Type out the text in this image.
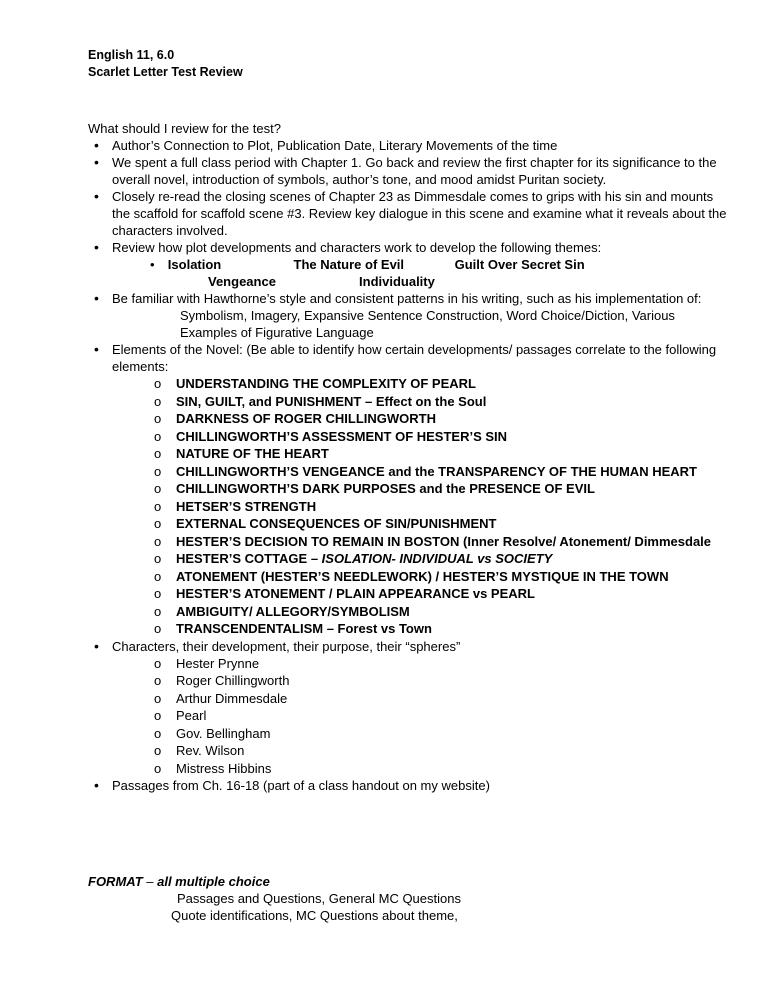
English 11, 6.0
Scarlet Letter Test Review
What should I review for the test?
• Author’s Connection to Plot, Publication Date, Literary Movements of the time
• We spent a full class period with Chapter 1. Go back and review the first chapter for its significance to the overall novel, introduction of symbols, author’s tone, and mood amidst Puritan society.
• Closely re-read the closing scenes of Chapter 23 as Dimmesdale comes to grips with his sin and mounts the scaffold for scaffold scene #3. Review key dialogue in this scene and examine what it reveals about the characters involved.
• Review how plot developments and characters work to develop the following themes:
• Isolation	The Nature of Evil	Guilt Over Secret Sin
Vengeance	Individuality
• Be familiar with Hawthorne’s style and consistent patterns in his writing, such as his implementation of:
Symbolism, Imagery, Expansive Sentence Construction, Word Choice/Diction, Various Examples of Figurative Language
• Elements of the Novel: (Be able to identify how certain developments/ passages correlate to the following elements:
o UNDERSTANDING THE COMPLEXITY OF PEARL
o SIN, GUILT, and PUNISHMENT – Effect on the Soul
o DARKNESS OF ROGER CHILLINGWORTH
o CHILLINGWORTH’S ASSESSMENT OF HESTER’S SIN
o NATURE OF THE HEART
o CHILLINGWORTH’S VENGEANCE and the TRANSPARENCY OF THE HUMAN HEART
o CHILLINGWORTH’S DARK PURPOSES and the PRESENCE OF EVIL
o HETSER’S STRENGTH
o EXTERNAL CONSEQUENCES OF SIN/PUNISHMENT
o HESTER’S DECISION TO REMAIN IN BOSTON (Inner Resolve/ Atonement/ Dimmesdale
o HESTER’S COTTAGE – ISOLATION- INDIVIDUAL vs SOCIETY
o ATONEMENT (HESTER’S NEEDLEWORK) / HESTER’S MYSTIQUE IN THE TOWN
o HESTER’S ATONEMENT / PLAIN APPEARANCE vs PEARL
o AMBIGUITY/ ALLEGORY/SYMBOLISM
o TRANSCENDENTALISM – Forest vs Town
• Characters, their development, their purpose, their “spheres”
o Hester Prynne
o Roger Chillingworth
o Arthur Dimmesdale
o Pearl
o Gov. Bellingham
o Rev. Wilson
o Mistress Hibbins
• Passages from Ch. 16-18 (part of a class handout on my website)
FORMAT – all multiple choice
Passages and Questions, General MC Questions
Quote identifications, MC Questions about theme,
